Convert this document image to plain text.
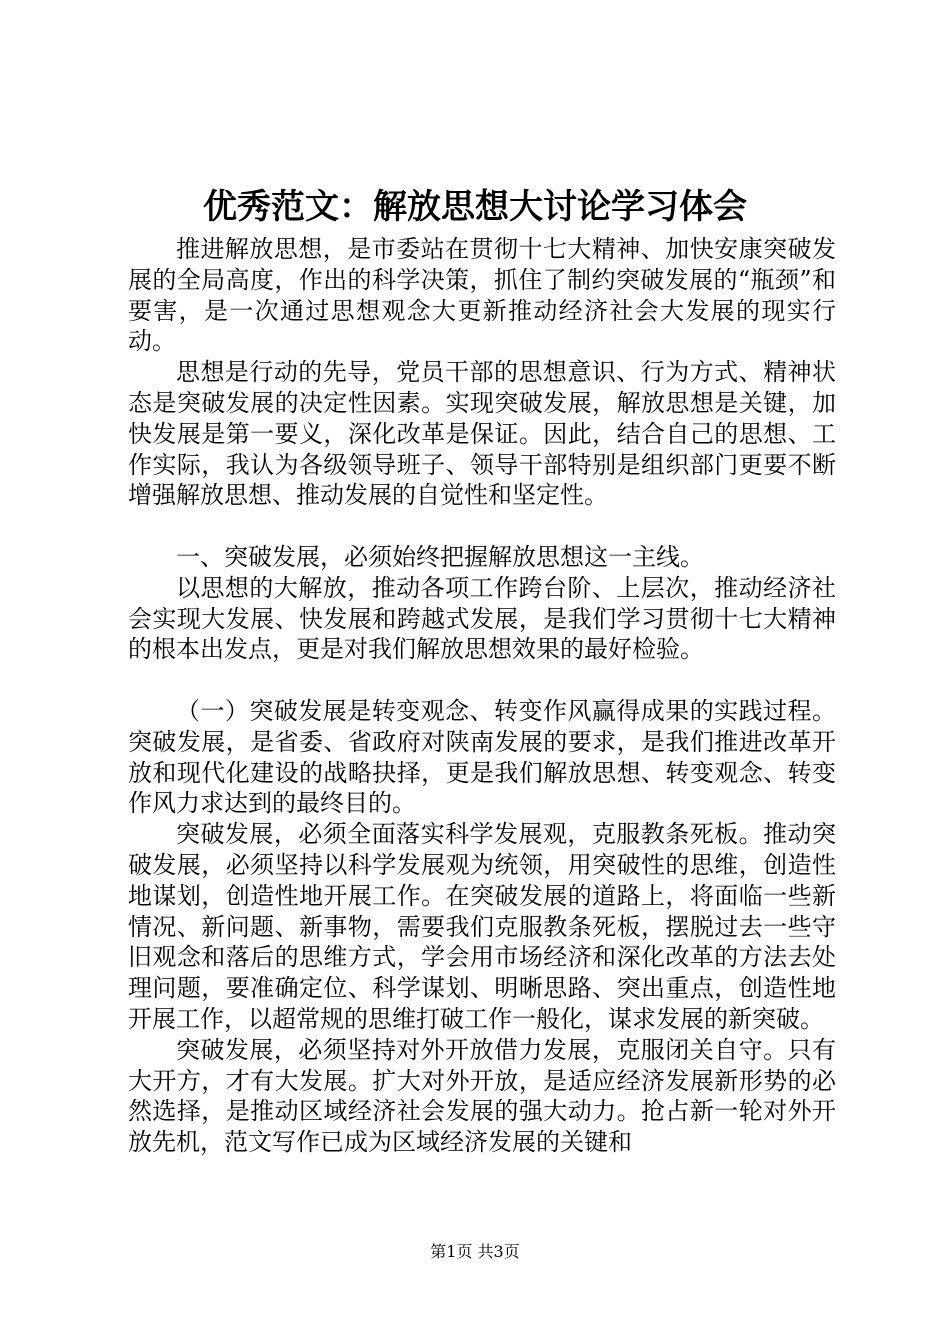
优秀范文：解放思想大讨论学习体会

推进解放思想，是市委站在贯彻十七大精神、加快安康突破发展的全局高度，作出的科学决策，抓住了制约突破发展的“瓶颈”和要害，是一次通过思想观念大更新推动经济社会大发展的现实行动。

思想是行动的先导，党员干部的思想意识、行为方式、精神状态是突破发展的决定性因素。实现突破发展，解放思想是关键，加快发展是第一要义，深化改革是保证。因此，结合自己的思想、工作实际，我认为各级领导班子、领导干部特别是组织部门更要不断增强解放思想、推动发展的自觉性和坚定性。

一、突破发展，必须始终把握解放思想这一主线。

以思想的大解放，推动各项工作跨台阶、上层次，推动经济社会实现大发展、快发展和跨越式发展，是我们学习贯彻十七大精神的根本出发点，更是对我们解放思想效果的最好检验。

（一）突破发展是转变观念、转变作风赢得成果的实践过程。突破发展，是省委、省政府对陕南发展的要求，是我们推进改革开放和现代化建设的战略抉择，更是我们解放思想、转变观念、转变作风力求达到的最终目的。

突破发展，必须全面落实科学发展观，克服教条死板。推动突破发展，必须坚持以科学发展观为统领，用突破性的思维，创造性地谋划，创造性地开展工作。在突破发展的道路上，将面临一些新情况、新问题、新事物，需要我们克服教条死板，摆脱过去一些守旧观念和落后的思维方式，学会用市场经济和深化改革的方法去处理问题，要准确定位、科学谋划、明晰思路、突出重点，创造性地开展工作，以超常规的思维打破工作一般化，谋求发展的新突破。

突破发展，必须坚持对外开放借力发展，克服闭关自守。只有大开方，才有大发展。扩大对外开放，是适应经济发展新形势的必然选择，是推动区域经济社会发展的强大动力。抢占新一轮对外开放先机，范文写作已成为区域经济发展的关键和

第1页 共3页
